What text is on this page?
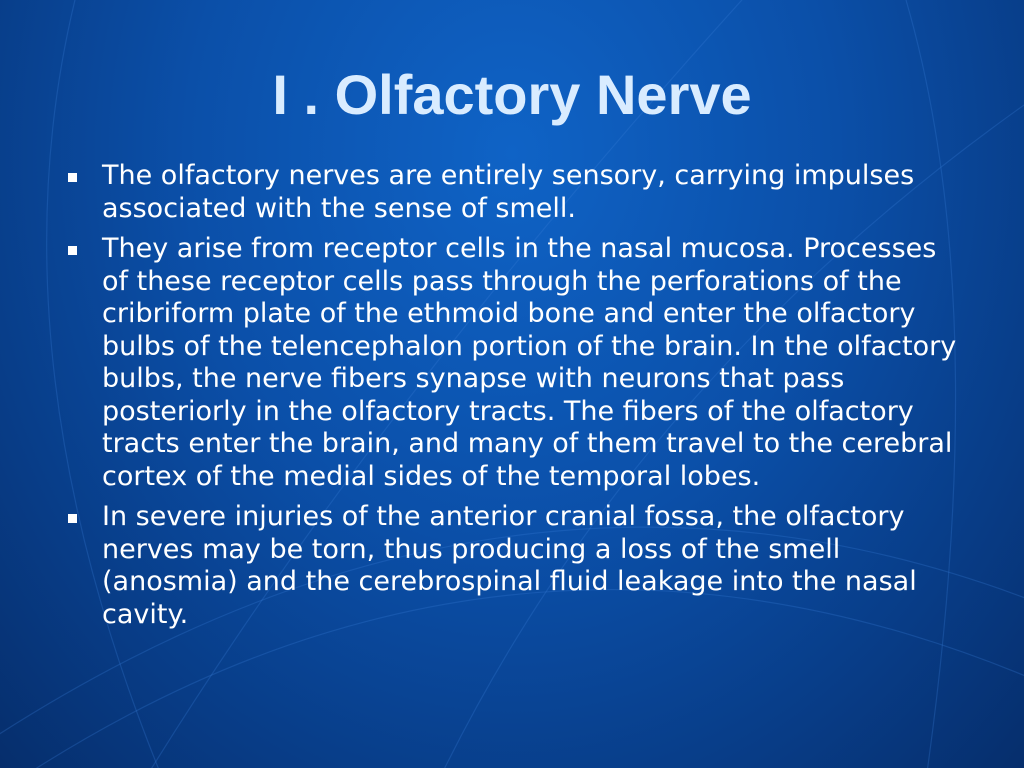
I . Olfactory Nerve
The olfactory nerves are entirely sensory, carrying impulses associated with the sense of smell.
They arise from receptor cells in the nasal mucosa. Processes of these receptor cells pass through the perforations of the cribriform plate of the ethmoid bone and enter the olfactory bulbs of the telencephalon portion of the brain. In the olfactory bulbs, the nerve fibers synapse with neurons that pass posteriorly in the olfactory tracts. The fibers of the olfactory tracts enter the brain, and many of them travel to the cerebral cortex of the medial sides of the temporal lobes.
In severe injuries of the anterior cranial fossa, the olfactory nerves may be torn, thus producing a loss of the smell (anosmia) and the cerebrospinal fluid leakage into the nasal cavity.
